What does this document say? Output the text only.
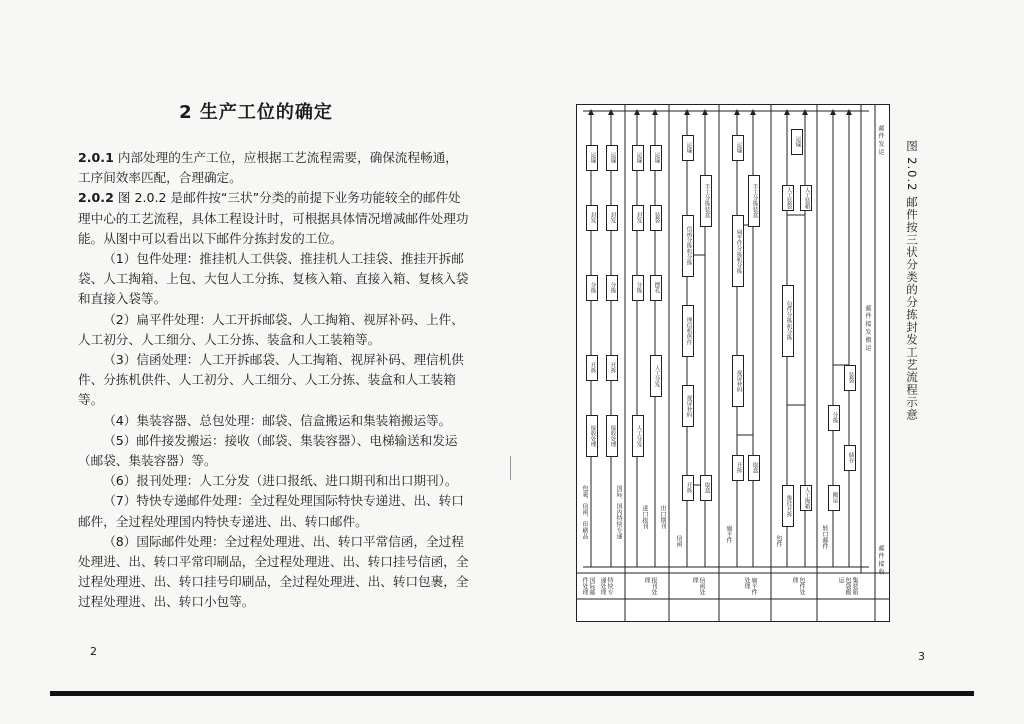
2 生产工位的确定

2.0.1 内部处理的生产工位，应根据工艺流程需要，确保流程畅通，工序间效率匹配，合理确定。

2.0.2 图 2.0.2 是邮件按“三状”分类的前提下业务功能较全的邮件处理中心的工艺流程，具体工程设计时，可根据具体情况增减邮件处理功能。从图中可以看出以下邮件分拣封发的工位。

（1）包件处理：推挂机人工供袋、推挂机人工挂袋、推挂开拆邮袋、人工掏箱、上包、大包人工分拣、复核入箱、直接入箱、复核入袋和直接入袋等。

（2）扁平件处理：人工开拆邮袋、人工掏箱、视屏补码、上件、人工初分、人工细分、人工分拣、装盒和人工装箱等。

（3）信函处理：人工开拆邮袋、人工掏箱、视屏补码、理信机供件、分拣机供件、人工初分、人工细分、人工分拣、装盒和人工装箱等。

（4）集装容器、总包处理：邮袋、信盒搬运和集装箱搬运等。

（5）邮件接发搬运：接收（邮袋、集装容器）、电梯输送和发运（邮袋、集装容器）等。

（6）报刊处理：人工分发（进口报纸、进口期刊和出口期刊）。

（7）特快专递邮件处理：全过程处理国际特快专递进、出、转口邮件，全过程处理国内特快专递进、出、转口邮件。

（8）国际邮件处理：全过程处理进、出、转口平常信函，全过程处理进、出、转口平常印刷品，全过程处理进、出、转口挂号信函，全过程处理进、出、转口挂号印刷品，全过程处理进、出、转口包裹，全过程处理进、出、转口小包等。

2	3
图 2.0.2 邮件按三状分类的分拣封发工艺流程示意
国际邮件处理	特快专递处理	报刊处理	信函处理	扁平件处理	包件处理	集装箱包袋搬运
邮 件 接 收
邮 件 发 运
邮 件 接 发 搬 运
包裹、信函、印刷品	国际、国内特快专递	进口报刊 出口期刊
信函	扁平件	包件	转口邮件
接收处理
开拆
分拣
封发
运输
接收处理
开拆
分拣
封发
运输
人工分发
分拣
封发
运输
人工分发
摆孔
装袋
运输
开拆	取盒
视屏补码
理信机供件
信函分拣机分拣
手工分拣装盒
运输
开拆	取盒
视屏补码
扁平件分拣机分拣
手工分拣装盒
运输
推挂开拆	人工掏箱
包件分拣机分拣
人工装袋	人工装箱
运输
搬运
储存
分拣
装袋
